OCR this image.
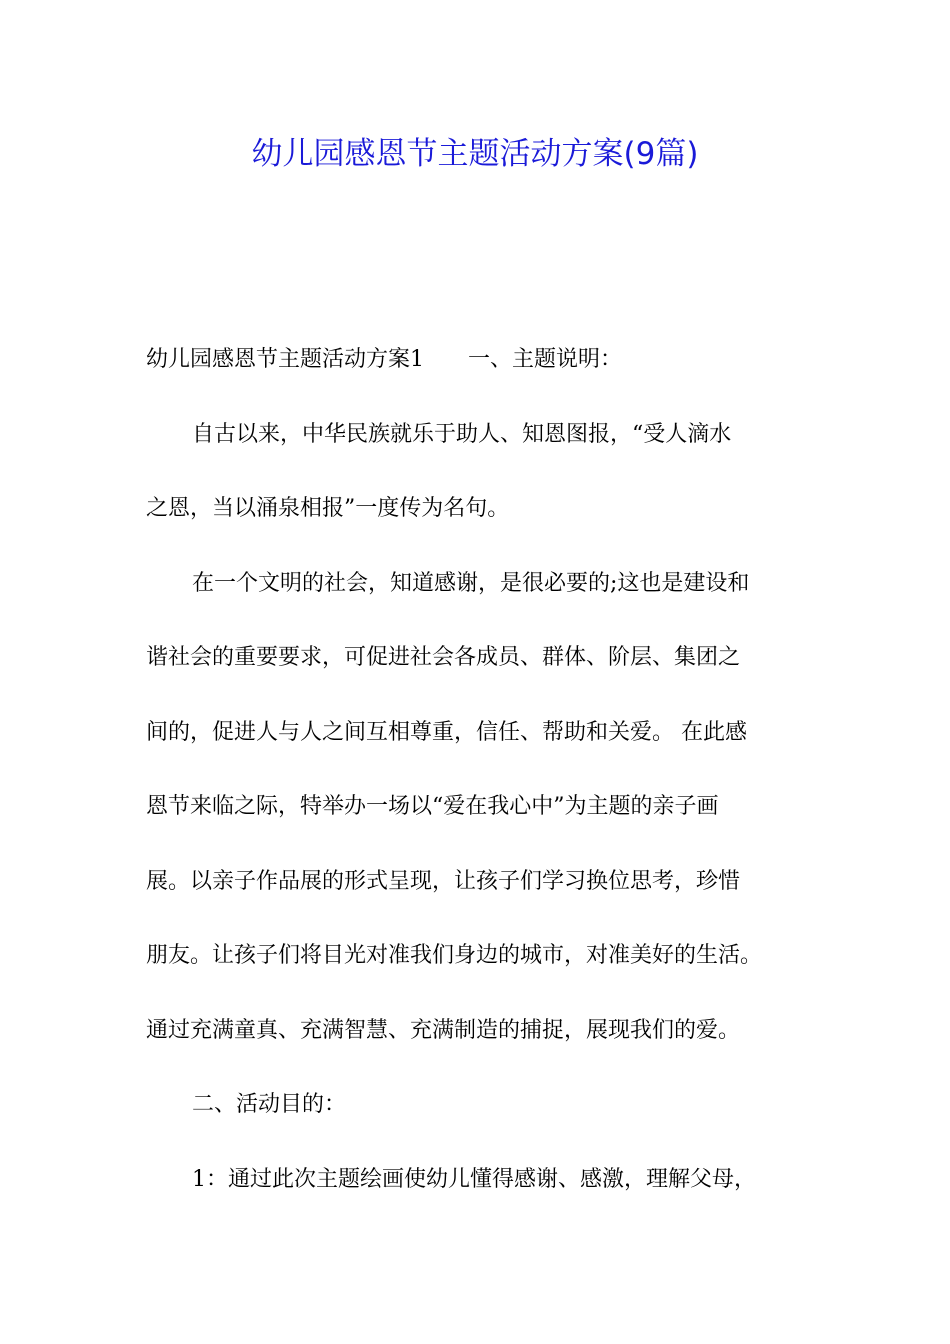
幼儿园感恩节主题活动方案(9篇)
幼儿园感恩节主题活动方案1 一、主题说明：
自古以来，中华民族就乐于助人、知恩图报，“受人滴水
之恩，当以涌泉相报”一度传为名句。
在一个文明的社会，知道感谢，是很必要的;这也是建设和
谐社会的重要要求，可促进社会各成员、群体、阶层、集团之
间的，促进人与人之间互相尊重，信任、帮助和关爱。 在此感
恩节来临之际，特举办一场以“爱在我心中”为主题的亲子画
展。以亲子作品展的形式呈现，让孩子们学习换位思考，珍惜
朋友。让孩子们将目光对准我们身边的城市，对准美好的生活。
通过充满童真、充满智慧、充满制造的捕捉，展现我们的爱。
二、活动目的：
1：通过此次主题绘画使幼儿懂得感谢、感激，理解父母，
